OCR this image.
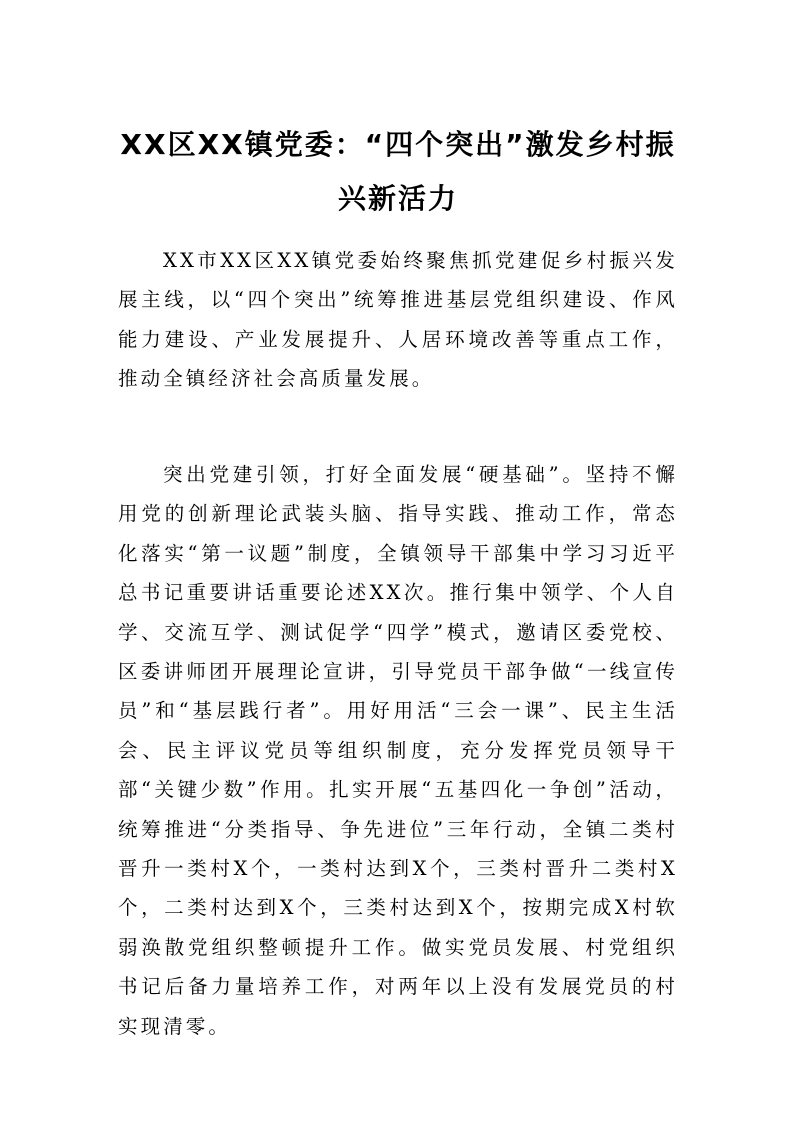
XX区XX镇党委：“四个突出”激发乡村振兴新活力

XX市XX区XX镇党委始终聚焦抓党建促乡村振兴发展主线，以“四个突出”统筹推进基层党组织建设、作风能力建设、产业发展提升、人居环境改善等重点工作，推动全镇经济社会高质量发展。

突出党建引领，打好全面发展“硬基础”。坚持不懈用党的创新理论武装头脑、指导实践、推动工作，常态化落实“第一议题”制度，全镇领导干部集中学习习近平总书记重要讲话重要论述XX次。推行集中领学、个人自学、交流互学、测试促学“四学”模式，邀请区委党校、区委讲师团开展理论宣讲，引导党员干部争做“一线宣传员”和“基层践行者”。用好用活“三会一课”、民主生活会、民主评议党员等组织制度，充分发挥党员领导干部“关键少数”作用。扎实开展“五基四化一争创”活动，统筹推进“分类指导、争先进位”三年行动，全镇二类村晋升一类村X个，一类村达到X个，三类村晋升二类村X个，二类村达到X个，三类村达到X个，按期完成X村软弱涣散党组织整顿提升工作。做实党员发展、村党组织书记后备力量培养工作，对两年以上没有发展党员的村实现清零。
